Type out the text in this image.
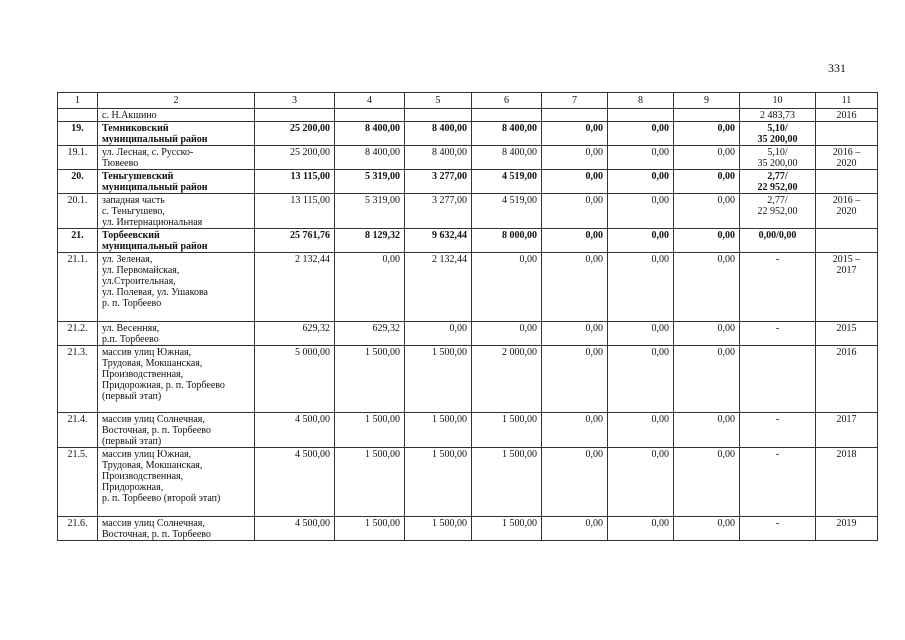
331
1	2	3	4	5	6	7	8	9	10	11

	с. Н.Акшино								2 483,73	2016

19.	Темниковский
муниципальный район	25 200,00	8 400,00	8 400,00	8 400,00	0,00	0,00	0,00	5,10/
35 200,00	

19.1.	ул. Лесная, с. Русско-
Тювеево	25 200,00	8 400,00	8 400,00	8 400,00	0,00	0,00	0,00	5,10/
35 200,00	2016 –
2020

20.	Теньгушевский
муниципальный район	13 115,00	5 319,00	3 277,00	4 519,00	0,00	0,00	0,00	2,77/
22 952,00	

20.1.	западная часть
с. Теньгушево,
ул. Интернациональная	13 115,00	5 319,00	3 277,00	4 519,00	0,00	0,00	0,00	2,77/
22 952,00	2016 –
2020

21.	Торбеевский
муниципальный район	25 761,76	8 129,32	9 632,44	8 000,00	0,00	0,00	0,00	0,00/0,00	

21.1.	ул. Зеленая,
ул. Первомайская,
ул.Строительная,
ул. Полевая, ул. Ушакова
р. п. Торбеево	2 132,44	0,00	2 132,44	0,00	0,00	0,00	0,00	-	2015 –
2017

21.2.	ул. Весенняя,
р.п. Торбеево	629,32	629,32	0,00	0,00	0,00	0,00	0,00	-	2015

21.3.	массив улиц Южная,
Трудовая, Мокшанская,
Производственная,
Придорожная, р. п. Торбеево
(первый этап)	5 000,00	1 500,00	1 500,00	2 000,00	0,00	0,00	0,00		2016

21.4.	массив улиц Солнечная,
Восточная, р. п. Торбеево
(первый этап)	4 500,00	1 500,00	1 500,00	1 500,00	0,00	0,00	0,00	-	2017

21.5.	массив улиц Южная,
Трудовая, Мокшанская,
Производственная,
Придорожная,
р. п. Торбеево (второй этап)	4 500,00	1 500,00	1 500,00	1 500,00	0,00	0,00	0,00	-	2018

21.6.	массив улиц Солнечная,
Восточная, р. п. Торбеево	4 500,00	1 500,00	1 500,00	1 500,00	0,00	0,00	0,00	-	2019
